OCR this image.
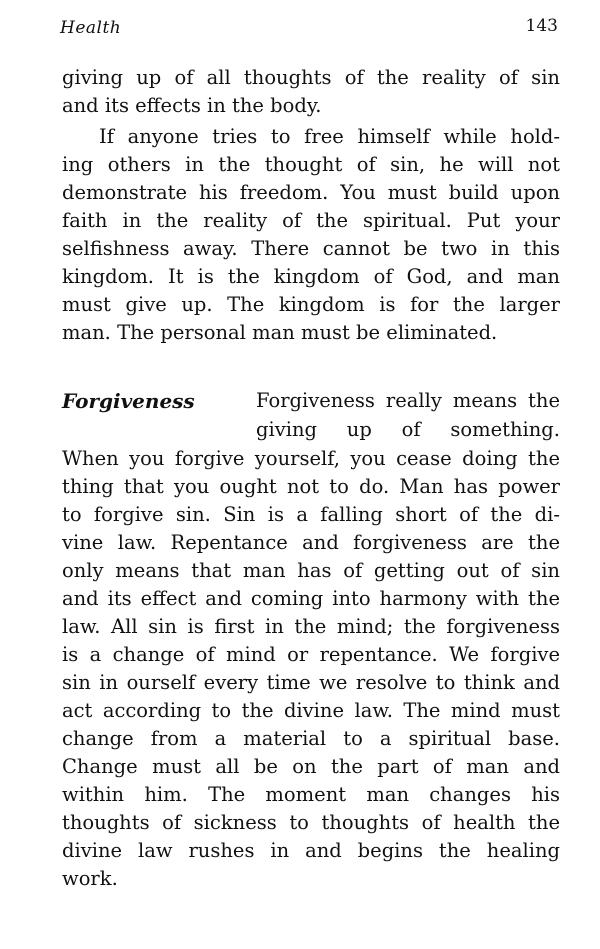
Health	143
giving up of all thoughts of the reality of sin
and its effects in the body.
If anyone tries to free himself while hold-
ing others in the thought of sin, he will not
demonstrate his freedom. You must build upon
faith in the reality of the spiritual. Put your
selfishness away. There cannot be two in this
kingdom. It is the kingdom of God, and man
must give up. The kingdom is for the larger
man. The personal man must be eliminated.
Forgiveness	Forgiveness really means the
giving up of something.
When you forgive yourself, you cease doing the
thing that you ought not to do. Man has power
to forgive sin. Sin is a falling short of the di-
vine law. Repentance and forgiveness are the
only means that man has of getting out of sin
and its effect and coming into harmony with the
law. All sin is first in the mind; the forgiveness
is a change of mind or repentance. We forgive
sin in ourself every time we resolve to think and
act according to the divine law. The mind must
change from a material to a spiritual base.
Change must all be on the part of man and
within him. The moment man changes his
thoughts of sickness to thoughts of health the
divine law rushes in and begins the healing
work.
